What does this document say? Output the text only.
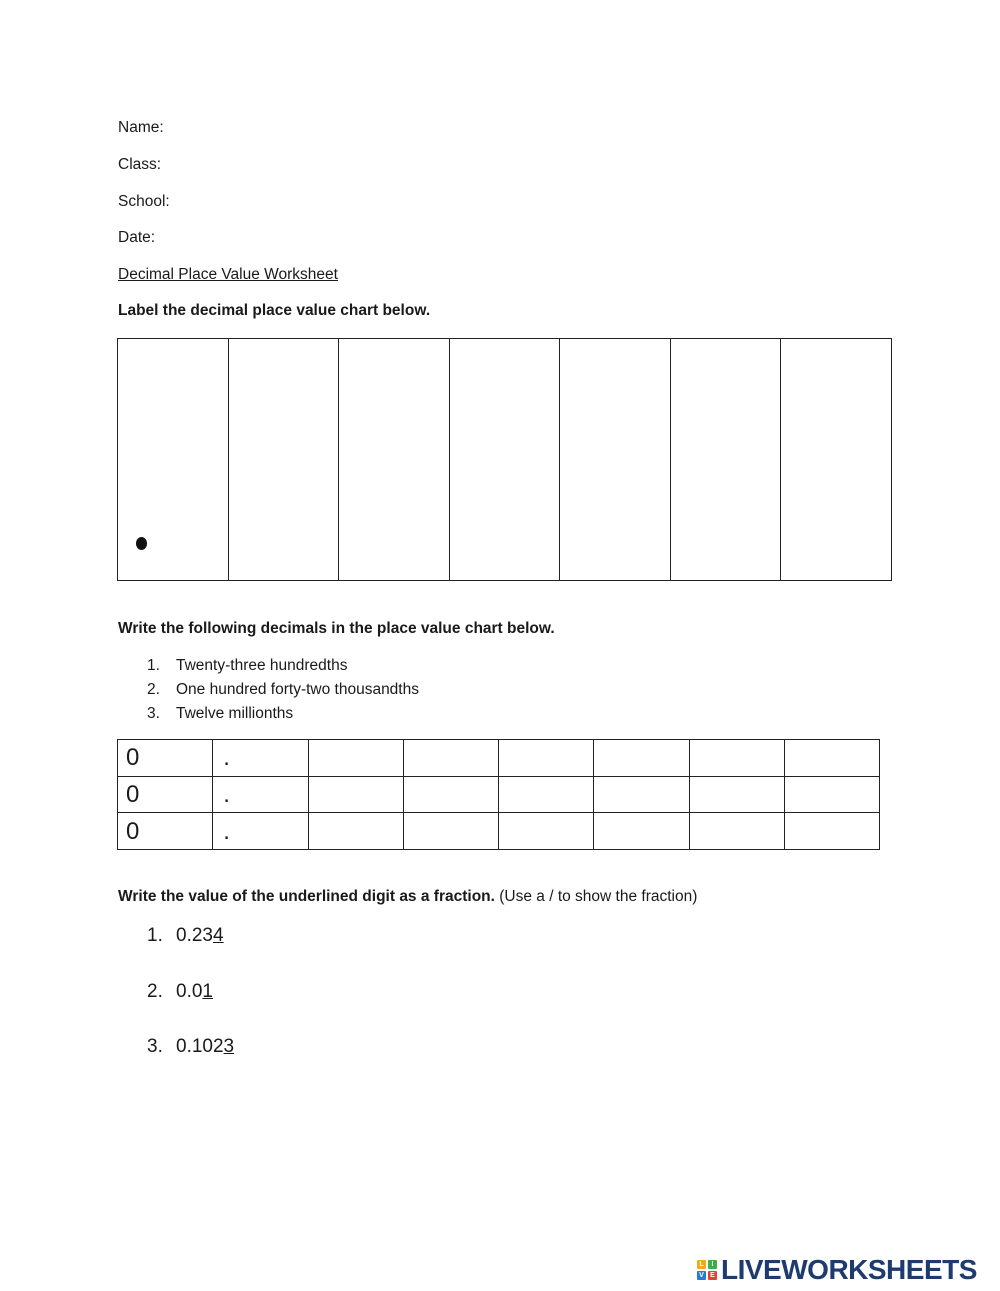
Name:
Class:
School:
Date:
Decimal Place Value Worksheet
Label the decimal place value chart below.

Write the following decimals in the place value chart below.
1. Twenty-three hundredths
2. One hundred forty-two thousandths
3. Twelve millionths
0	.						
0	.						
0	.						
Write the value of the underlined digit as a fraction. (Use a / to show the fraction)
1. 0.234
2. 0.01
3. 0.1023
L	I
V E LIVEWORKSHEETS
